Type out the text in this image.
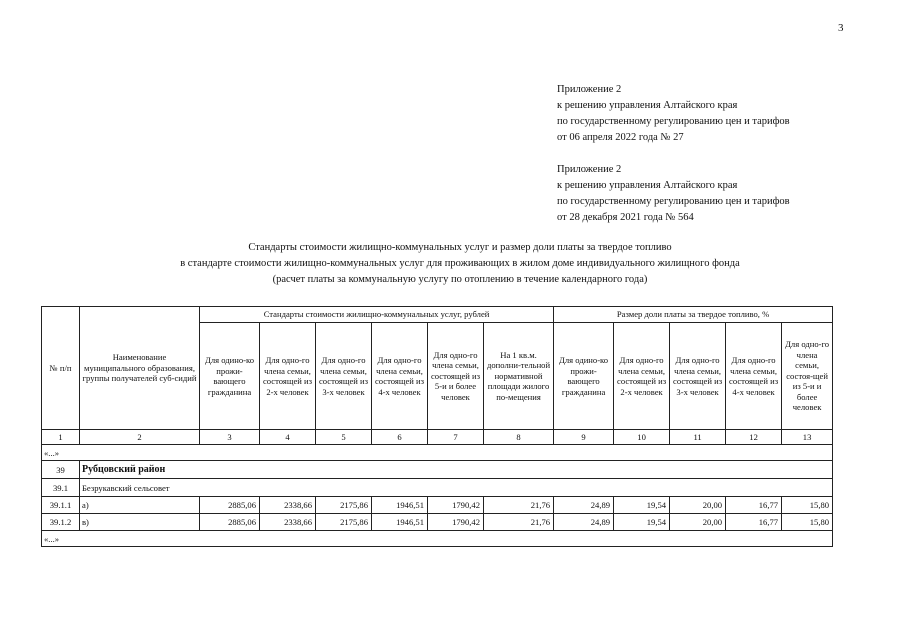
3
Приложение 2
к решению управления Алтайского края
по государственному регулированию цен и тарифов
от 06 апреля 2022 года № 27
Приложение 2
к решению управления Алтайского края
по государственному регулированию цен и тарифов
от 28 декабря 2021 года № 564
Стандарты стоимости жилищно-коммунальных услуг и размер доли платы за твердое топливо
в стандарте стоимости жилищно-коммунальных услуг для проживающих в жилом доме индивидуального жилищного фонда
(расчет платы за коммунальную услугу по отоплению в течение календарного года)
№ п/п	Наименование муниципального образования, группы получателей суб-сидий	Стандарты стоимости жилищно-коммунальных услуг, рублей						Размер доли платы за твердое топливо, %				
		Для одино-ко прожи-вающего гражданина	Для одно-го члена семьи, состоящей из 2-х человек	Для одно-го члена семьи, состоящей из 3-х человек	Для одно-го члена семьи, состоящей из 4-х человек	Для одно-го члена семьи, состоящей из 5-и и более человек	На 1 кв.м. дополни-тельной нормативной площади жилого по-мещения	Для одино-ко прожи-вающего гражданина	Для одно-го члена семьи, состоящей из 2-х человек	Для одно-го члена семьи, состоящей из 3-х человек	Для одно-го члена семьи, состоящей из 4-х человек	Для одно-го члена семьи, состоя-щей из 5-и и более человек
1	2	3	4	5	6	7	8	9	10	11	12	13
«...»												
39	Рубцовский район											
39.1	Безрукавский сельсовет											
39.1.1	а)	2885,06	2338,66	2175,86	1946,51	1790,42	21,76	24,89	19,54	20,00	16,77	15,80
39.1.2	в)	2885,06	2338,66	2175,86	1946,51	1790,42	21,76	24,89	19,54	20,00	16,77	15,80
«...»												
